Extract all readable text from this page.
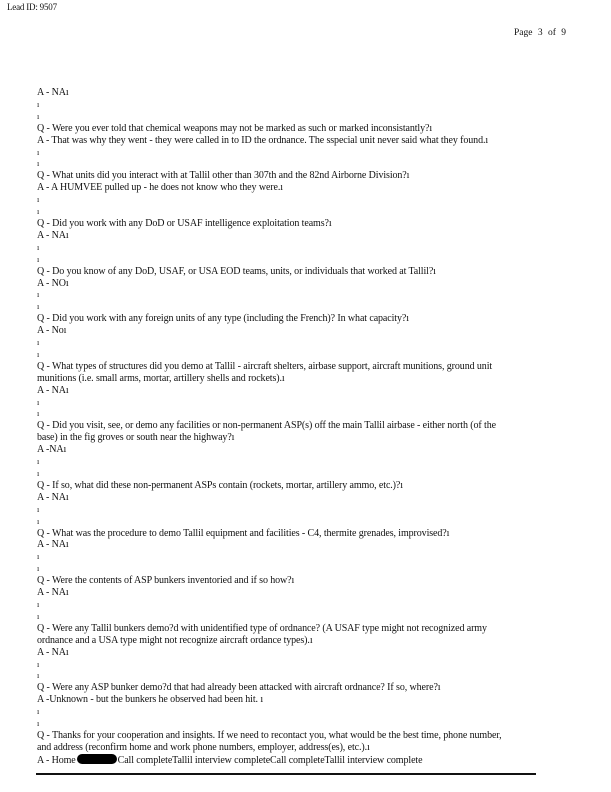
Lead ID: 9507
Page 3 of 9
A - NAı
ı
ı
Q - Were you ever told that chemical weapons may not be marked as such or marked inconsistantly?ı
A - That was why they went - they were called in to ID the ordnance. The sspecial unit never said what they found.ı
ı
ı
Q - What units did you interact with at Tallil other than 307th and the 82nd Airborne Division?ı
A - A HUMVEE pulled up - he does not know who they were.ı
ı
ı
Q - Did you work with any DoD or USAF intelligence exploitation teams?ı
A - NAı
ı
ı
Q - Do you know of any DoD, USAF, or USA EOD teams, units, or individuals that worked at Tallil?ı
A - NOı
ı
ı
Q - Did you work with any foreign units of any type (including the French)? In what capacity?ı
A - Noı
ı
ı
Q - What types of structures did you demo at Tallil - aircraft shelters, airbase support, aircraft munitions, ground unit
munitions (i.e. small arms, mortar, artillery shells and rockets).ı
A - NAı
ı
ı
Q - Did you visit, see, or demo any facilities or non-permanent ASP(s) off the main Tallil airbase - either north (of the
base) in the fig groves or south near the highway?ı
A -NAı
ı
ı
Q - If so, what did these non-permanent ASPs contain (rockets, mortar, artillery ammo, etc.)?ı
A - NAı
ı
ı
Q - What was the procedure to demo Tallil equipment and facilities - C4, thermite grenades, improvised?ı
A - NAı
ı
ı
Q - Were the contents of ASP bunkers inventoried and if so how?ı
A - NAı
ı
ı
Q - Were any Tallil bunkers demo?d with unidentified type of ordnance? (A USAF type might not recognized army
ordnance and a USA type might not recognize aircraft ordance types).ı
A - NAı
ı
ı
Q - Were any ASP bunker demo?d that had already been attacked with aircraft ordnance? If so, where?ı
A -Unknown - but the bunkers he observed had been hit. ı
ı
ı
Q - Thanks for your cooperation and insights. If we need to recontact you, what would be the best time, phone number,
and address (reconfirm home and work phone numbers, employer, address(es), etc.).ı
A - Home	Call completeTallil interview completeCall completeTallil interview complete
